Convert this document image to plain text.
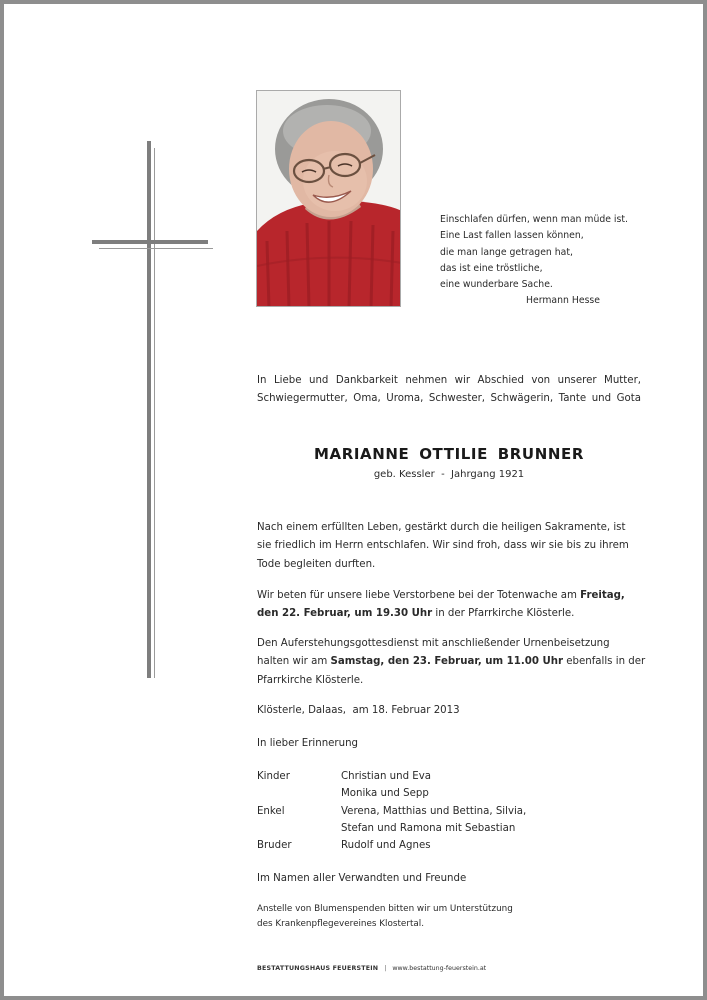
Einschlafen dürfen, wenn man müde ist.
Eine Last fallen lassen können,
die man lange getragen hat,
das ist eine tröstliche,
eine wunderbare Sache.
Hermann Hesse
In Liebe und Dankbarkeit nehmen wir Abschied von unserer Mutter,
Schwiegermutter, Oma, Uroma, Schwester, Schwägerin, Tante und Gota
MARIANNE OTTILIE BRUNNER
geb. Kessler  -  Jahrgang 1921
Nach einem erfüllten Leben, gestärkt durch die heiligen Sakramente, ist
sie friedlich im Herrn entschlafen. Wir sind froh, dass wir sie bis zu ihrem
Tode begleiten durften.
Wir beten für unsere liebe Verstorbene bei der Totenwache am Freitag,
den 22. Februar, um 19.30 Uhr in der Pfarrkirche Klösterle.
Den Auferstehungsgottesdienst mit anschließender Urnenbeisetzung
halten wir am Samstag, den 23. Februar, um 11.00 Uhr ebenfalls in der
Pfarrkirche Klösterle.
Klösterle, Dalaas,  am 18. Februar 2013
In lieber Erinnerung
Kinder	Christian und Eva
Monika und Sepp
Enkel	Verena, Matthias und Bettina, Silvia,
Stefan und Ramona mit Sebastian
Bruder	Rudolf und Agnes
Im Namen aller Verwandten und Freunde
Anstelle von Blumenspenden bitten wir um Unterstützung
des Krankenpflegevereines Klostertal.
BESTATTUNGSHAUS FEUERSTEIN | www.bestattung-feuerstein.at
